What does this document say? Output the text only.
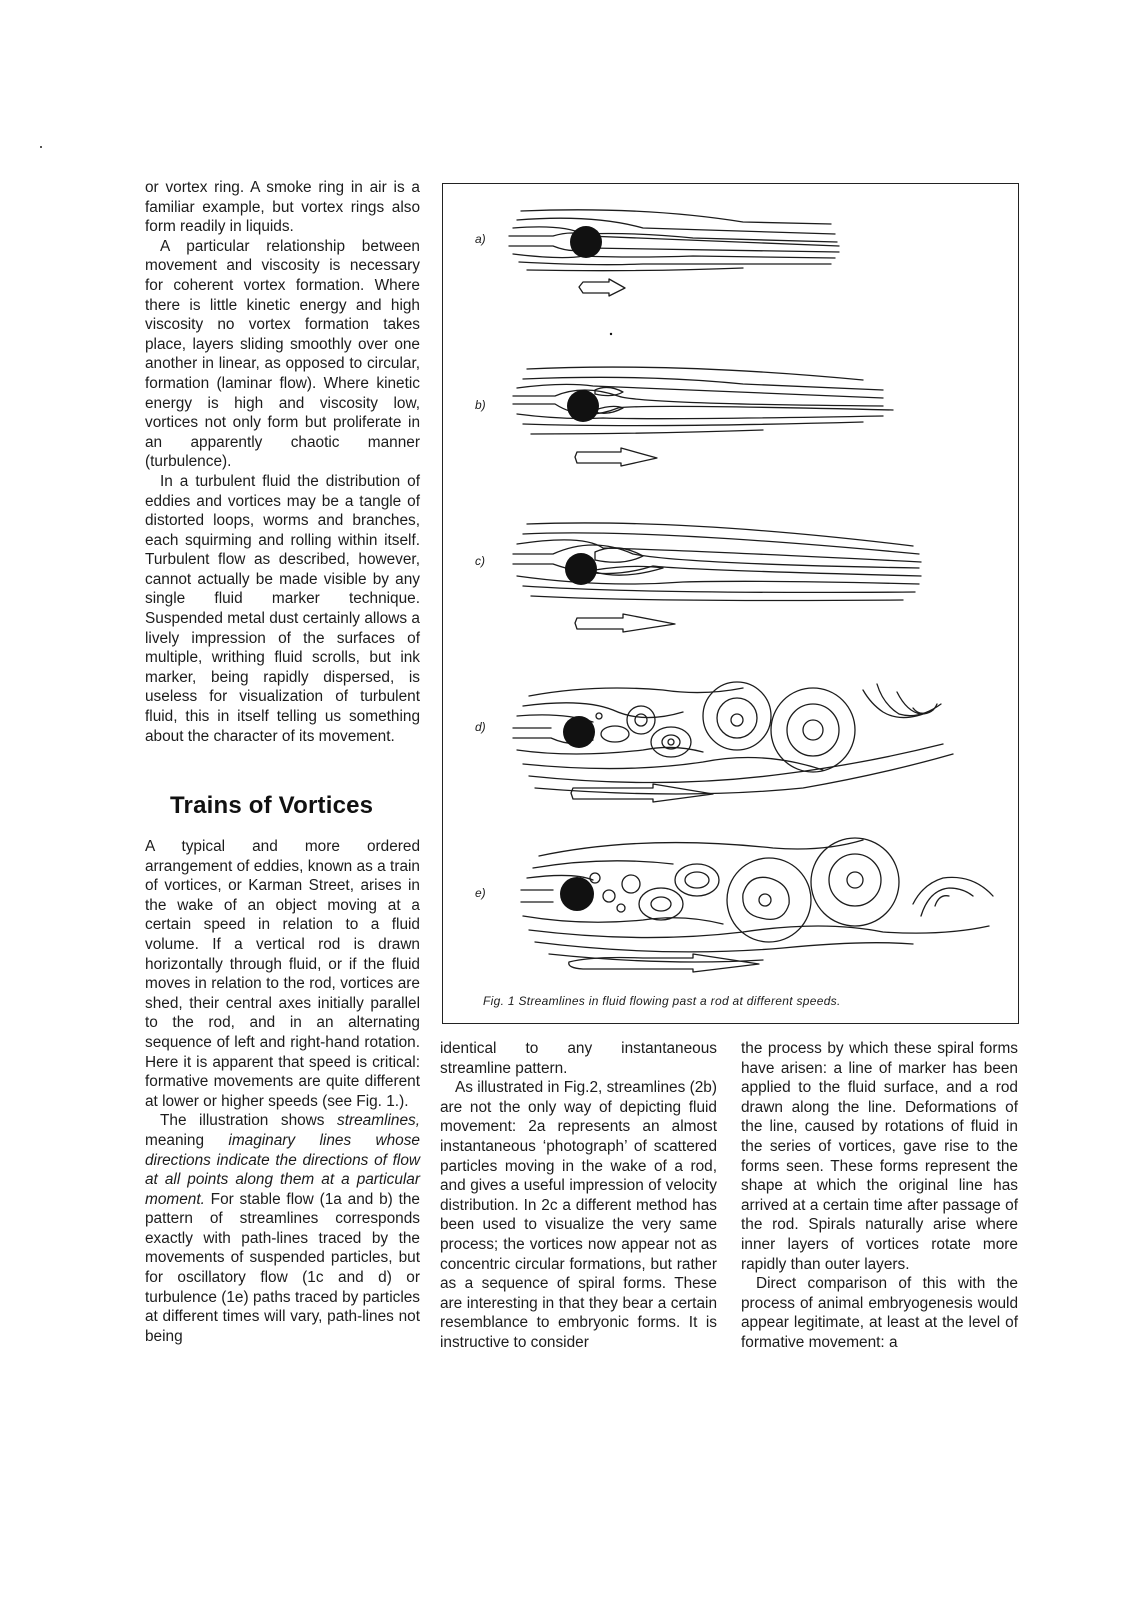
or vortex ring. A smoke ring in air is a familiar example, but vortex rings also form readily in liquids.

A particular relationship between movement and viscosity is necessary for coherent vortex formation. Where there is little kinetic energy and high viscosity no vortex formation takes place, layers sliding smoothly over one another in linear, as opposed to circular, formation (laminar flow). Where kinetic energy is high and viscosity low, vortices not only form but proliferate in an apparently chaotic manner (turbulence).

In a turbulent fluid the distribution of eddies and vortices may be a tangle of distorted loops, worms and branches, each squirming and rolling within itself. Turbulent flow as described, however, cannot actually be made visible by any single fluid marker technique. Suspended metal dust certainly allows a lively impression of the surfaces of multiple, writhing fluid scrolls, but ink marker, being rapidly dispersed, is useless for visualization of turbulent fluid, this in itself telling us something about the character of its movement.

Trains of Vortices

A typical and more ordered arrangement of eddies, known as a train of vortices, or Karman Street, arises in the wake of an object moving at a certain speed in relation to a fluid volume. If a vertical rod is drawn horizontally through fluid, or if the fluid moves in relation to the rod, vortices are shed, their central axes initially parallel to the rod, and in an alternating sequence of left and right-hand rotation. Here it is apparent that speed is critical: formative movements are quite different at lower or higher speeds (see Fig. 1.).

The illustration shows streamlines, meaning imaginary lines whose directions indicate the directions of flow at all points along them at a particular moment. For stable flow (1a and b) the pattern of streamlines corresponds exactly with path-lines traced by the movements of suspended particles, but for oscillatory flow (1c and d) or turbulence (1e) paths traced by particles at different times will vary, path-lines not being

a)
b)
c)
d)
e)
Fig. 1 Streamlines in fluid flowing past a rod at different speeds.

identical to any instantaneous streamline pattern.

As illustrated in Fig.2, streamlines (2b) are not the only way of depicting fluid movement: 2a represents an almost instantaneous ‘photograph’ of scattered particles moving in the wake of a rod, and gives a useful impression of velocity distribution. In 2c a different method has been used to visualize the very same process; the vortices now appear not as concentric circular formations, but rather as a sequence of spiral forms. These are interesting in that they bear a certain resemblance to embryonic forms. It is instructive to consider

the process by which these spiral forms have arisen: a line of marker has been applied to the fluid surface, and a rod drawn along the line. Deformations of the line, caused by rotations of fluid in the series of vortices, gave rise to the forms seen. These forms represent the shape at which the original line has arrived at a certain time after passage of the rod. Spirals naturally arise where inner layers of vortices rotate more rapidly than outer layers.

Direct comparison of this with the process of animal embryogenesis would appear legitimate, at least at the level of formative movement: a
